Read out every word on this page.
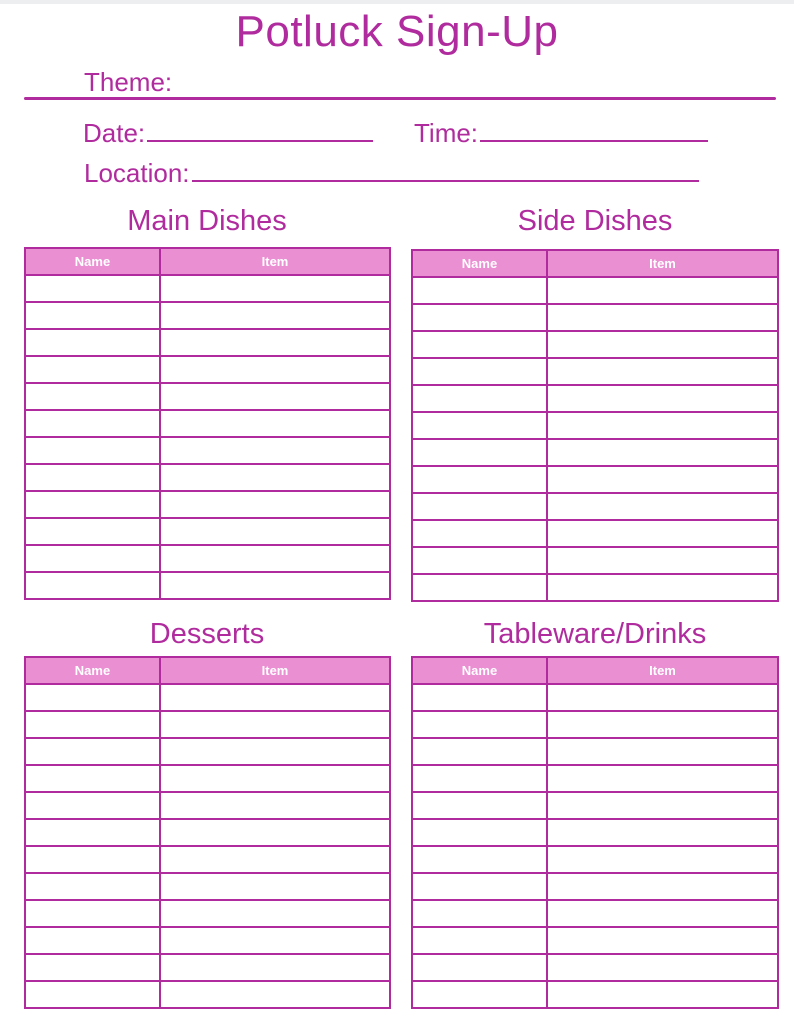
Potluck Sign-Up
Theme:
Date:	Time:
Location:
Main Dishes
Name	Item

Side Dishes
Name	Item

Desserts
Name	Item

Tableware/Drinks
Name	Item
